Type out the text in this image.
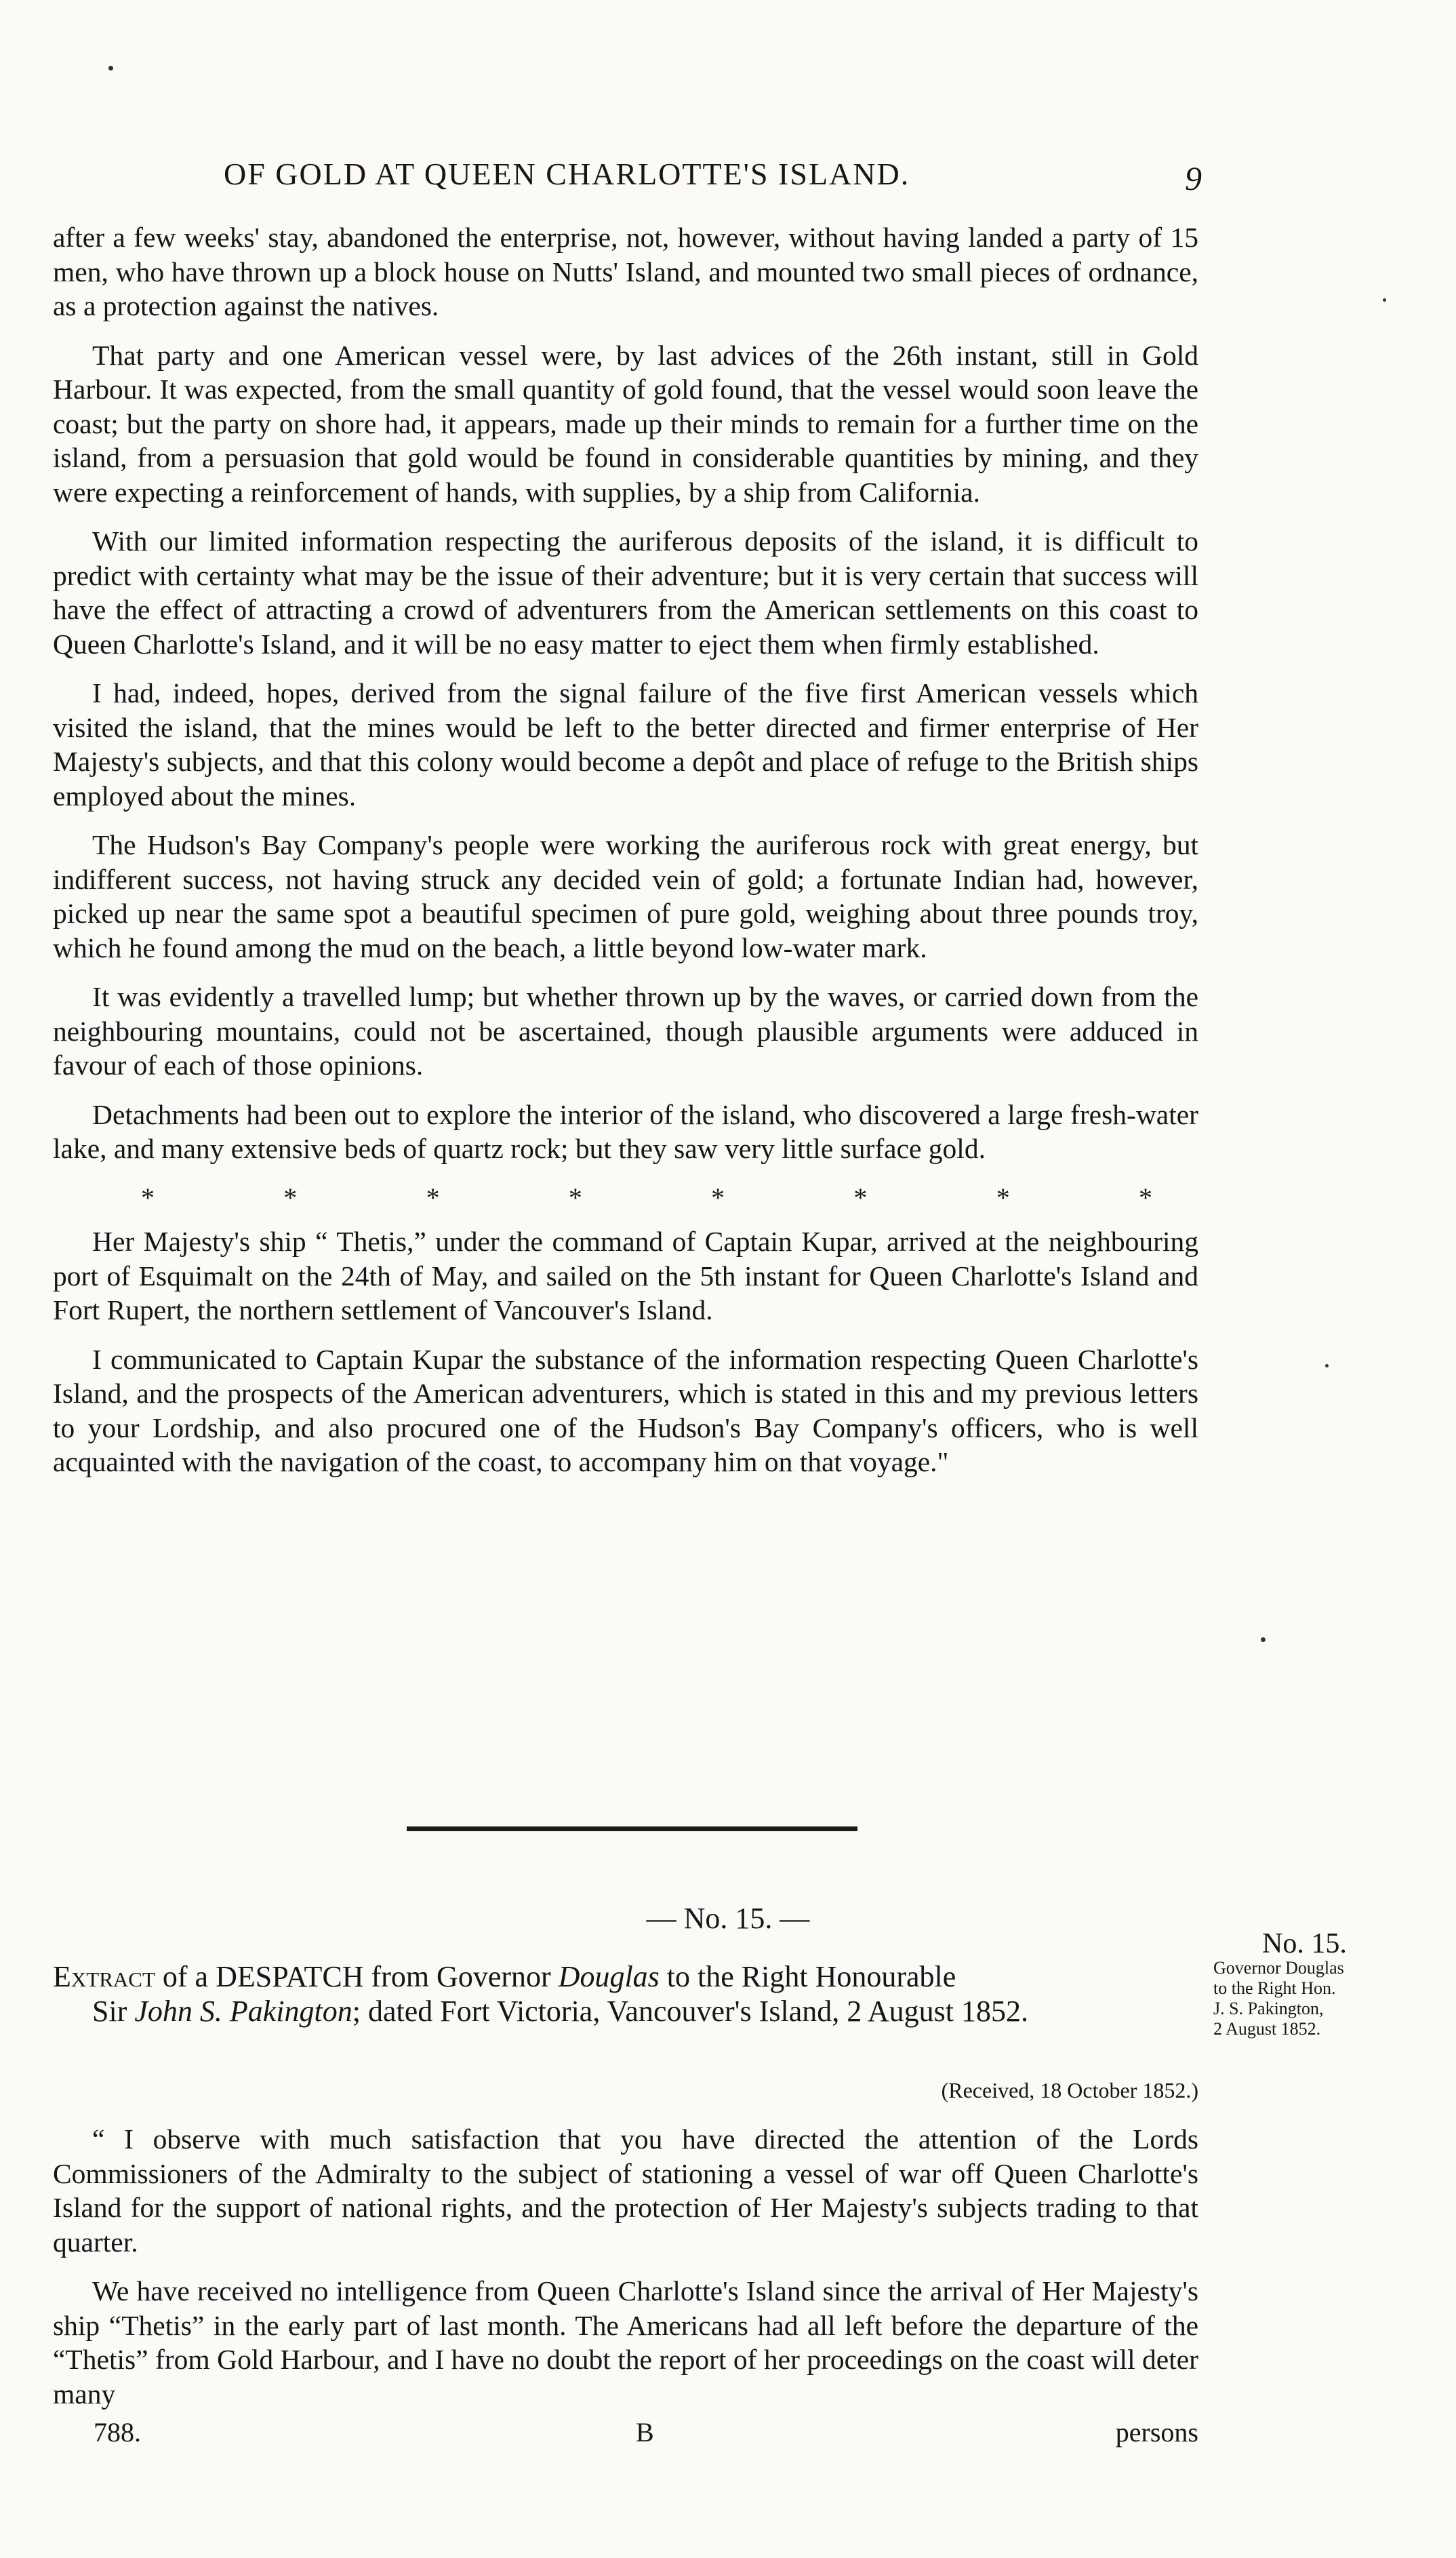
OF GOLD AT QUEEN CHARLOTTE'S ISLAND.	9

after a few weeks' stay, abandoned the enterprise, not, however, without having landed a party of 15 men, who have thrown up a block house on Nutts' Island, and mounted two small pieces of ordnance, as a protection against the natives.

That party and one American vessel were, by last advices of the 26th instant, still in Gold Harbour. It was expected, from the small quantity of gold found, that the vessel would soon leave the coast; but the party on shore had, it appears, made up their minds to remain for a further time on the island, from a persuasion that gold would be found in considerable quantities by mining, and they were expecting a reinforcement of hands, with supplies, by a ship from California.

With our limited information respecting the auriferous deposits of the island, it is difficult to predict with certainty what may be the issue of their adventure; but it is very certain that success will have the effect of attracting a crowd of adventurers from the American settlements on this coast to Queen Charlotte's Island, and it will be no easy matter to eject them when firmly established.

I had, indeed, hopes, derived from the signal failure of the five first American vessels which visited the island, that the mines would be left to the better directed and firmer enterprise of Her Majesty's subjects, and that this colony would become a depôt and place of refuge to the British ships employed about the mines.

The Hudson's Bay Company's people were working the auriferous rock with great energy, but indifferent success, not having struck any decided vein of gold; a fortunate Indian had, however, picked up near the same spot a beautiful specimen of pure gold, weighing about three pounds troy, which he found among the mud on the beach, a little beyond low-water mark.

It was evidently a travelled lump; but whether thrown up by the waves, or carried down from the neighbouring mountains, could not be ascertained, though plausible arguments were adduced in favour of each of those opinions.

Detachments had been out to explore the interior of the island, who discovered a large fresh-water lake, and many extensive beds of quartz rock; but they saw very little surface gold.

*	*	*	*	*	*	*	*

Her Majesty's ship “ Thetis,” under the command of Captain Kupar, arrived at the neighbouring port of Esquimalt on the 24th of May, and sailed on the 5th instant for Queen Charlotte's Island and Fort Rupert, the northern settlement of Vancouver's Island.

I communicated to Captain Kupar the substance of the information respecting Queen Charlotte's Island, and the prospects of the American adventurers, which is stated in this and my previous letters to your Lordship, and also procured one of the Hudson's Bay Company's officers, who is well acquainted with the navigation of the coast, to accompany him on that voyage."

— No. 15. —
Extract of a DESPATCH from Governor Douglas to the Right Honourable
Sir John S. Pakington; dated Fort Victoria, Vancouver's Island, 2 August 1852.
(Received, 18 October 1852.)
No. 15.
Governor Douglas
to the Right Hon.
J. S. Pakington,
2 August 1852.

“ I observe with much satisfaction that you have directed the attention of the Lords Commissioners of the Admiralty to the subject of stationing a vessel of war off Queen Charlotte's Island for the support of national rights, and the protection of Her Majesty's subjects trading to that quarter.

We have received no intelligence from Queen Charlotte's Island since the arrival of Her Majesty's ship “Thetis” in the early part of last month. The Americans had all left before the departure of the “Thetis” from Gold Harbour, and I have no doubt the report of her proceedings on the coast will deter many

788.	B	persons
